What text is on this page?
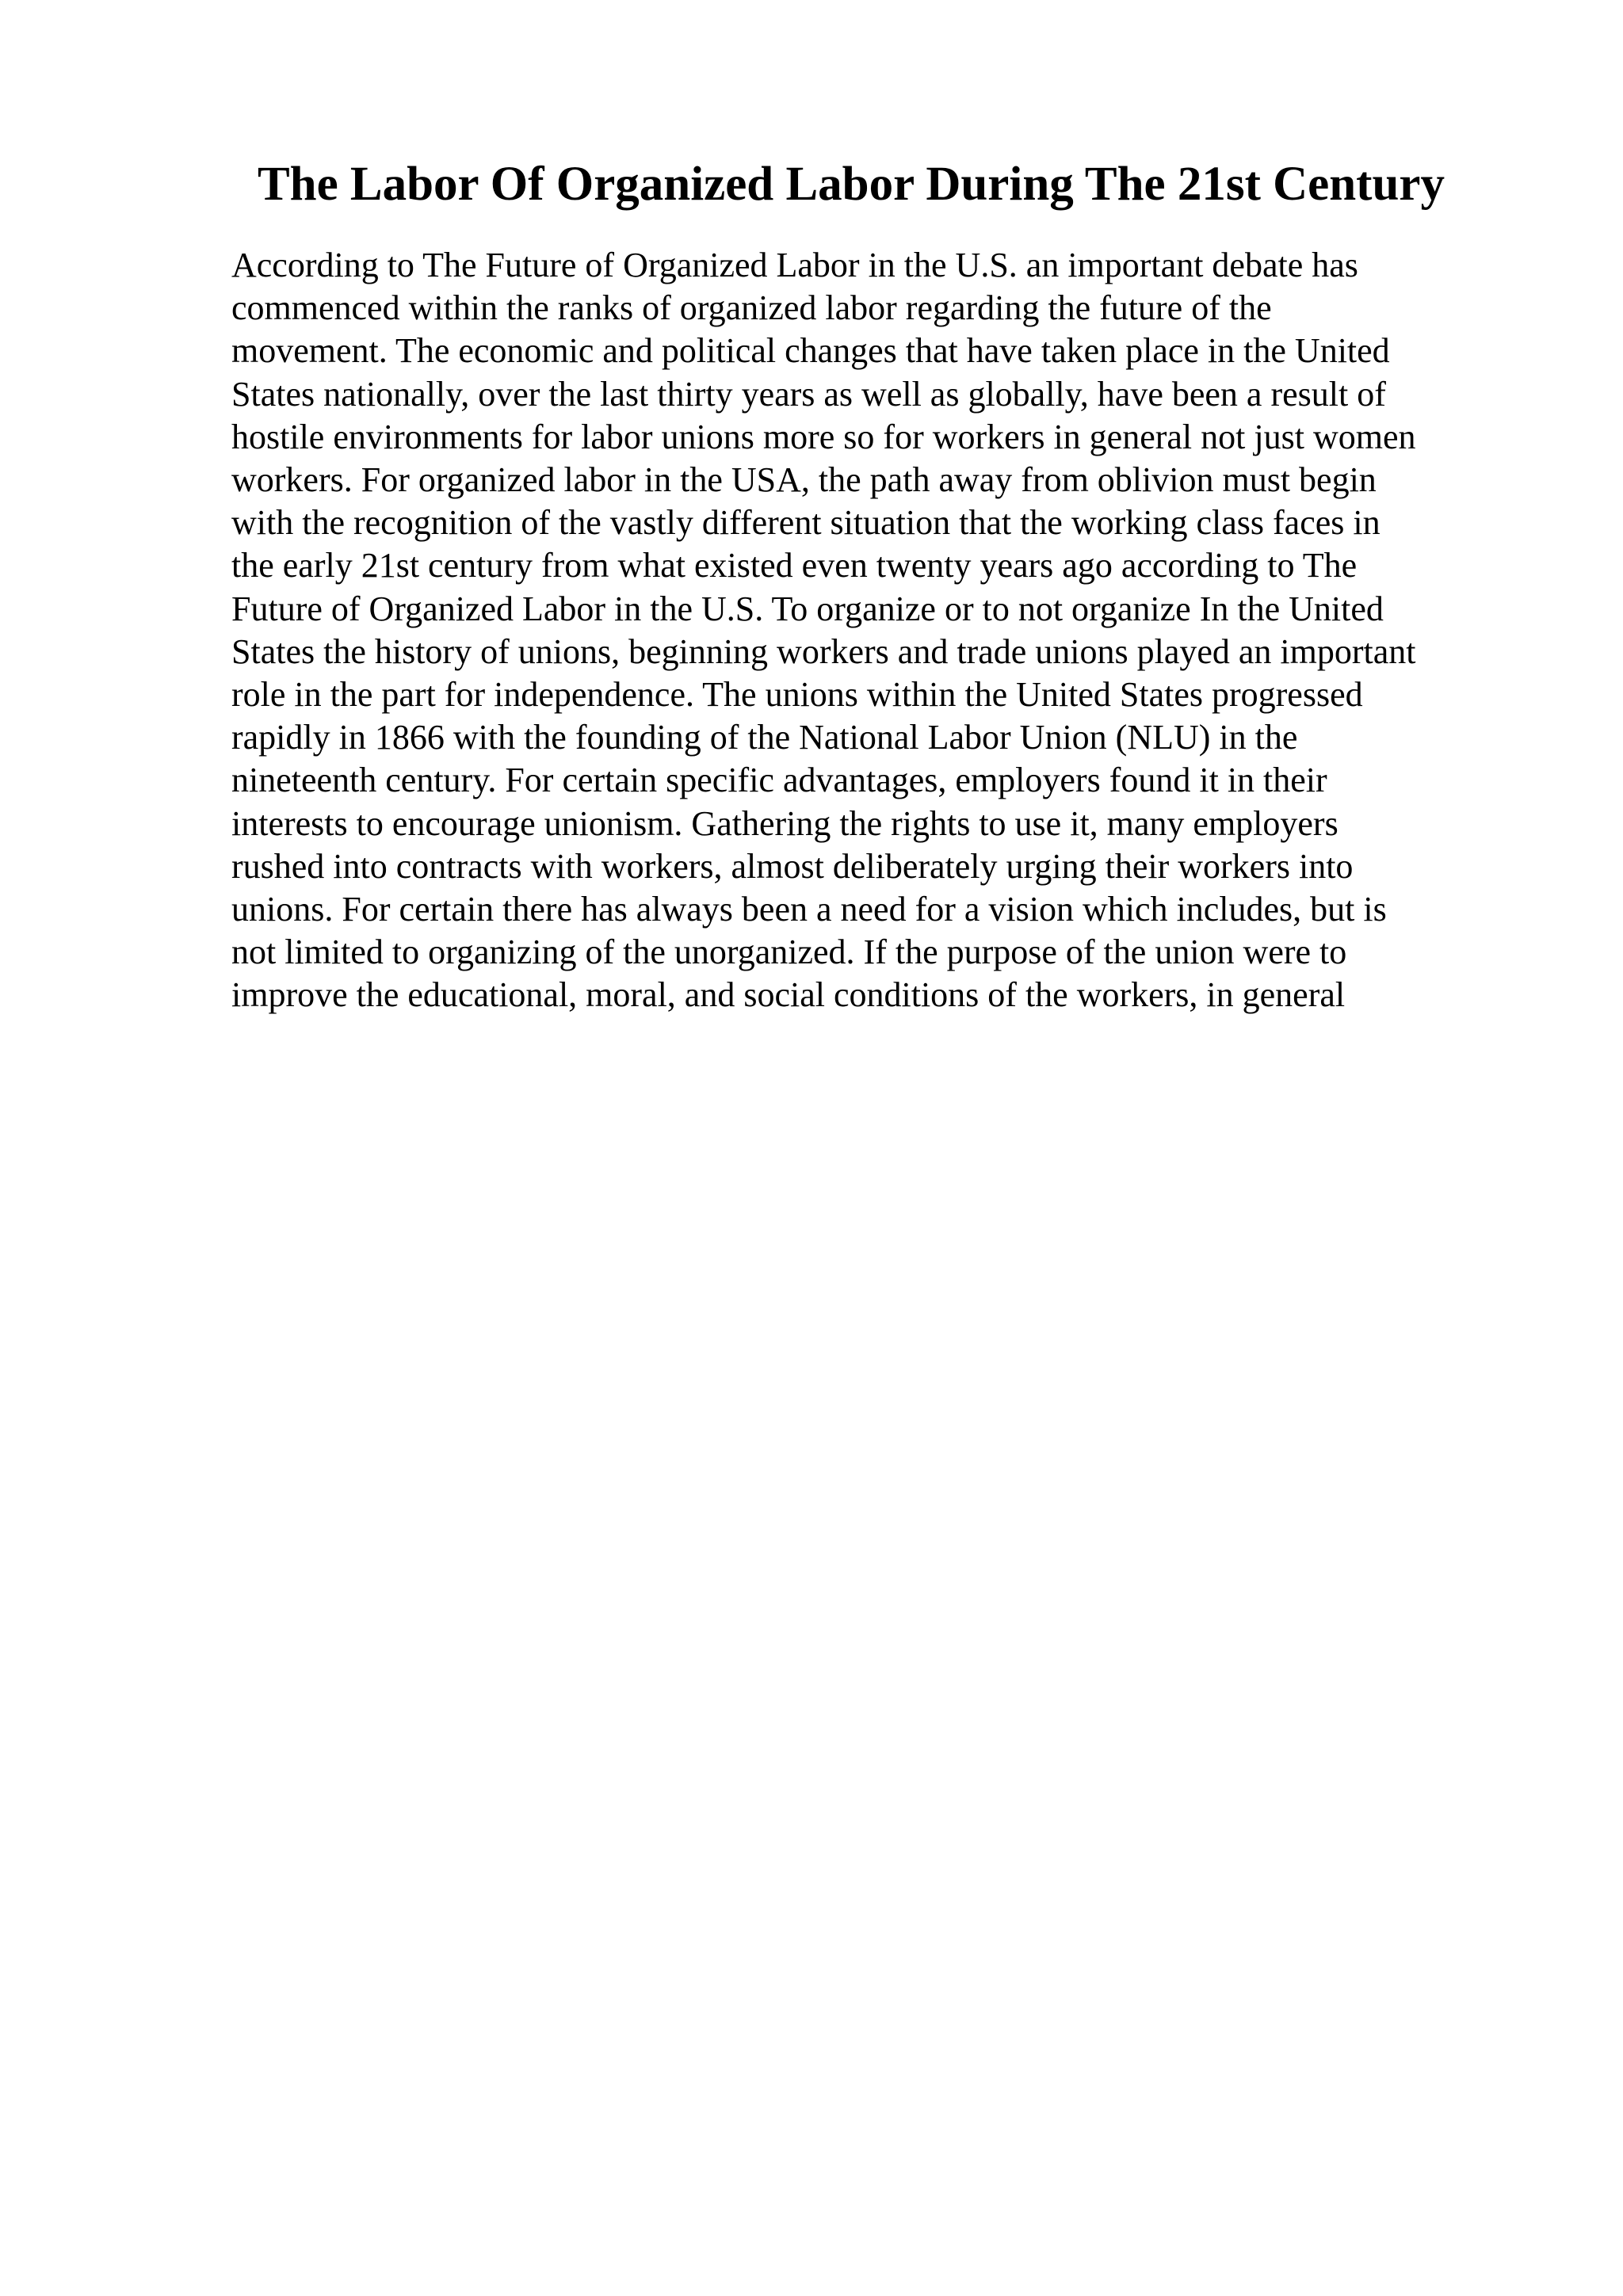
The Labor Of Organized Labor During The 21st Century
According to The Future of Organized Labor in the U.S. an important debate has
commenced within the ranks of organized labor regarding the future of the
movement. The economic and political changes that have taken place in the United
States nationally, over the last thirty years as well as globally, have been a result of
hostile environments for labor unions more so for workers in general not just women
workers. For organized labor in the USA, the path away from oblivion must begin
with the recognition of the vastly different situation that the working class faces in
the early 21st century from what existed even twenty years ago according to The
Future of Organized Labor in the U.S. To organize or to not organize In the United
States the history of unions, beginning workers and trade unions played an important
role in the part for independence. The unions within the United States progressed
rapidly in 1866 with the founding of the National Labor Union (NLU) in the
nineteenth century. For certain specific advantages, employers found it in their
interests to encourage unionism. Gathering the rights to use it, many employers
rushed into contracts with workers, almost deliberately urging their workers into
unions. For certain there has always been a need for a vision which includes, but is
not limited to organizing of the unorganized. If the purpose of the union were to
improve the educational, moral, and social conditions of the workers, in general
